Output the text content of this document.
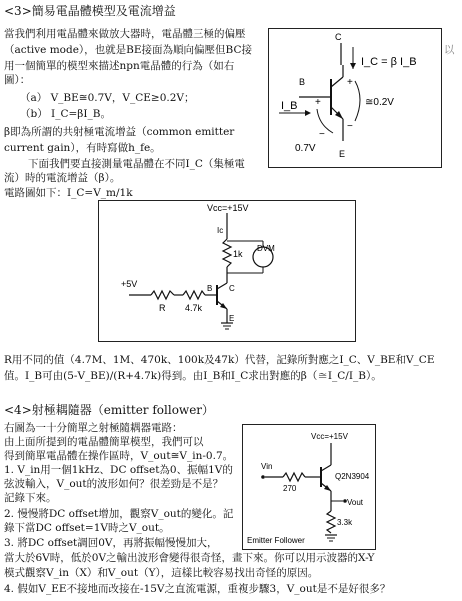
<3>簡易電晶體模型及電流增益
當我們利用電晶體來做放大器時，電晶體三極的偏壓
（active mode），也就是BE接面為順向偏壓但BC接
用一個簡單的模型來描述npn電晶體的行為（如右
圖）：
（a） V_BE≅0.7V，V_CE≥0.2V；
（b） I_C=βI_B。
β即為所謂的共射極電流增益（common emitter
current gain），有時寫做h_fe。
下面我們要直接測量電晶體在不同I_C（集極電
流）時的電流增益（β）。
電路圖如下：I_C=V_m/1k
C
B
E
I_C = β I_B
I_B
+
−
+
−
≅0.2V
0.7V
以
Vcc=+15V
Ic
1k
DVM
C
E
+5V
R 4.7k
B
R用不同的值（4.7M、1M、470k、100k及47k）代替，記錄所對應之I_C、V_BE和V_CE
值。I_B可由(5-V_BE)/(R+4.7k)得到。由I_B和I_C求出對應的β（≅I_C/I_B）。
<4>射極耦隨器（emitter follower）
右圖為一十分簡單之射極隨耦器電路：
由上面所提到的電晶體簡單模型，我們可以
得到簡單電晶體在操作區時，V_out≅V_in-0.7。
1. V_in用一個1kHz、DC offset為0、振幅1V的
弦波輸入，V_out的波形如何？很差勁是不是？
記錄下來。
2. 慢慢將DC offset增加，觀察V_out的變化。記
錄下當DC offset=1V時之V_out。
3. 將DC offset調回0V，再將振幅慢慢加大，
當大於6V時，低於0V之輸出波形會變得很奇怪，畫下來。你可以用示波器的X-Y
模式觀察V_in（X）和V_out（Y），這樣比較容易找出奇怪的原因。
4. 假如V_EE不接地而改接在-15V之直流電源，重複步驟3，V_out是不是好很多？
Vcc=+15V
Q2N3904
Vin
270
Vout
3.3k
Emitter Follower
